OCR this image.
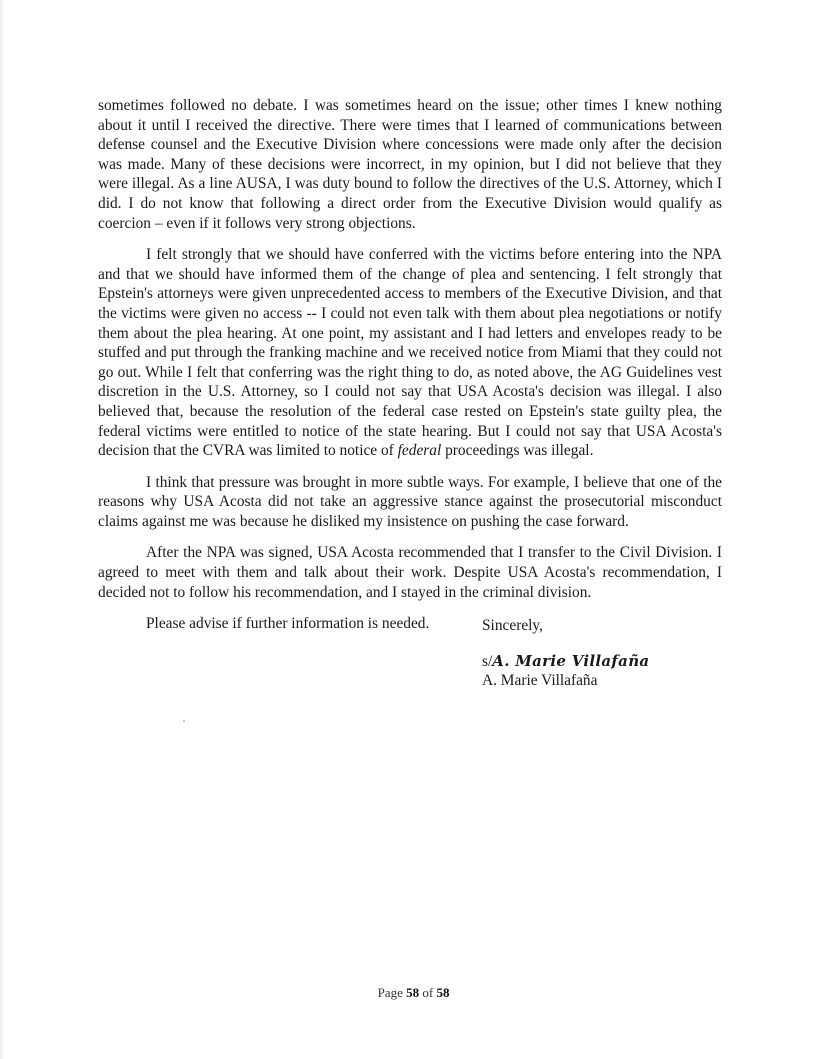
sometimes followed no debate. I was sometimes heard on the issue; other times I knew nothing about it until I received the directive. There were times that I learned of communications between defense counsel and the Executive Division where concessions were made only after the decision was made. Many of these decisions were incorrect, in my opinion, but I did not believe that they were illegal. As a line AUSA, I was duty bound to follow the directives of the U.S. Attorney, which I did. I do not know that following a direct order from the Executive Division would qualify as coercion – even if it follows very strong objections.

I felt strongly that we should have conferred with the victims before entering into the NPA and that we should have informed them of the change of plea and sentencing. I felt strongly that Epstein's attorneys were given unprecedented access to members of the Executive Division, and that the victims were given no access -- I could not even talk with them about plea negotiations or notify them about the plea hearing. At one point, my assistant and I had letters and envelopes ready to be stuffed and put through the franking machine and we received notice from Miami that they could not go out. While I felt that conferring was the right thing to do, as noted above, the AG Guidelines vest discretion in the U.S. Attorney, so I could not say that USA Acosta's decision was illegal. I also believed that, because the resolution of the federal case rested on Epstein's state guilty plea, the federal victims were entitled to notice of the state hearing. But I could not say that USA Acosta's decision that the CVRA was limited to notice of federal proceedings was illegal.

I think that pressure was brought in more subtle ways. For example, I believe that one of the reasons why USA Acosta did not take an aggressive stance against the prosecutorial misconduct claims against me was because he disliked my insistence on pushing the case forward.

After the NPA was signed, USA Acosta recommended that I transfer to the Civil Division. I agreed to meet with them and talk about their work. Despite USA Acosta's recommendation, I decided not to follow his recommendation, and I stayed in the criminal division.

Please advise if further information is needed.	Sincerely,
s/ A. Marie Villafaña
A. Marie Villafaña
Page 58 of 58
